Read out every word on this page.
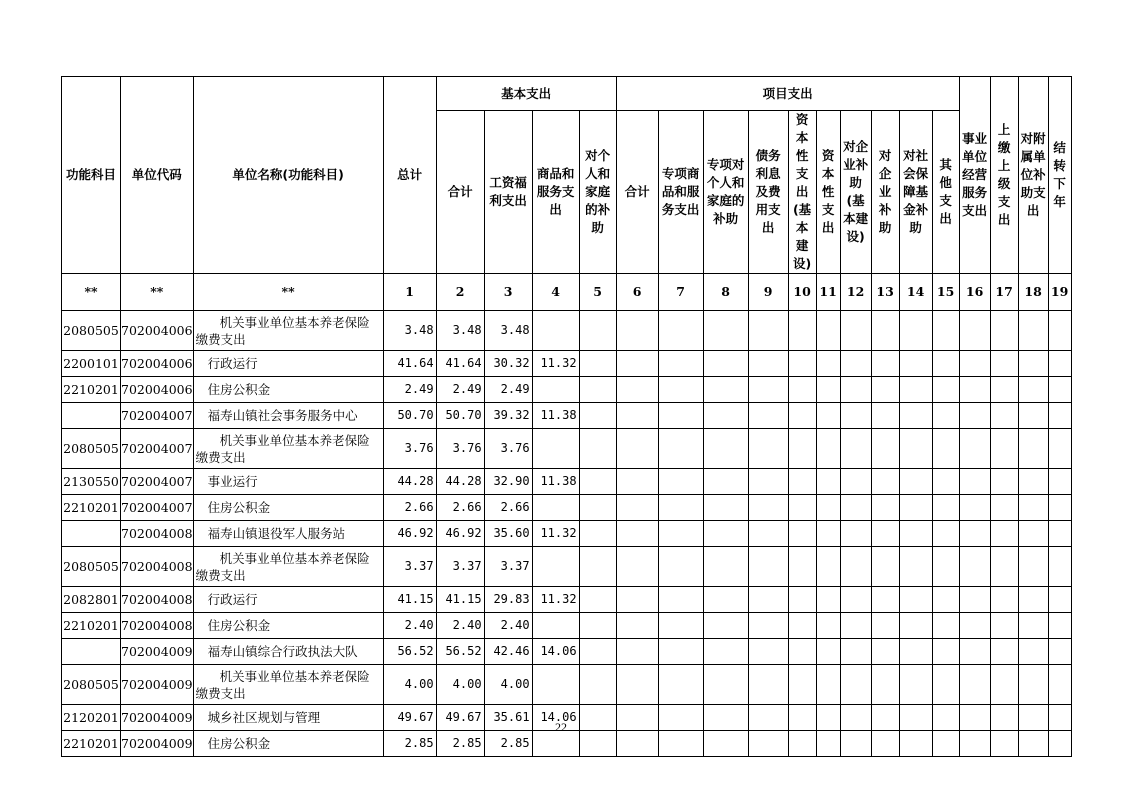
功能科目	单位代码	单位名称(功能科目)	总计	基本支出				项目支出										事业单位经营服务支出	上缴上级支出	对附属单位补助支出	结转下年
				合计	工资福利支出	商品和服务支出	对个人和家庭的补助	合计	专项商品和服务支出	专项对个人和家庭的补助	债务利息及费用支出	资本性支出(基本建设)	资本性支出	对企业补助(基本建设)	对企业补助	对社会保障基金补助	其他支出				
**	**	**	1	2	3	4	5	6	7	8	9	10	11	12	13	14	15	16	17	18	19
2080505	702004006	机关事业单位基本养老保险缴费支出	3.48	3.48	3.48																
2200101	702004006	行政运行	41.64	41.64	30.32	11.32															
2210201	702004006	住房公积金	2.49	2.49	2.49																
	702004007	福寿山镇社会事务服务中心	50.70	50.70	39.32	11.38															
2080505	702004007	机关事业单位基本养老保险缴费支出	3.76	3.76	3.76																
2130550	702004007	事业运行	44.28	44.28	32.90	11.38															
2210201	702004007	住房公积金	2.66	2.66	2.66																
	702004008	福寿山镇退役军人服务站	46.92	46.92	35.60	11.32															
2080505	702004008	机关事业单位基本养老保险缴费支出	3.37	3.37	3.37																
2082801	702004008	行政运行	41.15	41.15	29.83	11.32															
2210201	702004008	住房公积金	2.40	2.40	2.40																
	702004009	福寿山镇综合行政执法大队	56.52	56.52	42.46	14.06															
2080505	702004009	机关事业单位基本养老保险缴费支出	4.00	4.00	4.00																
2120201	702004009	城乡社区规划与管理	49.67	49.67	35.61	14.06															
2210201	702004009	住房公积金	2.85	2.85	2.85																
22
